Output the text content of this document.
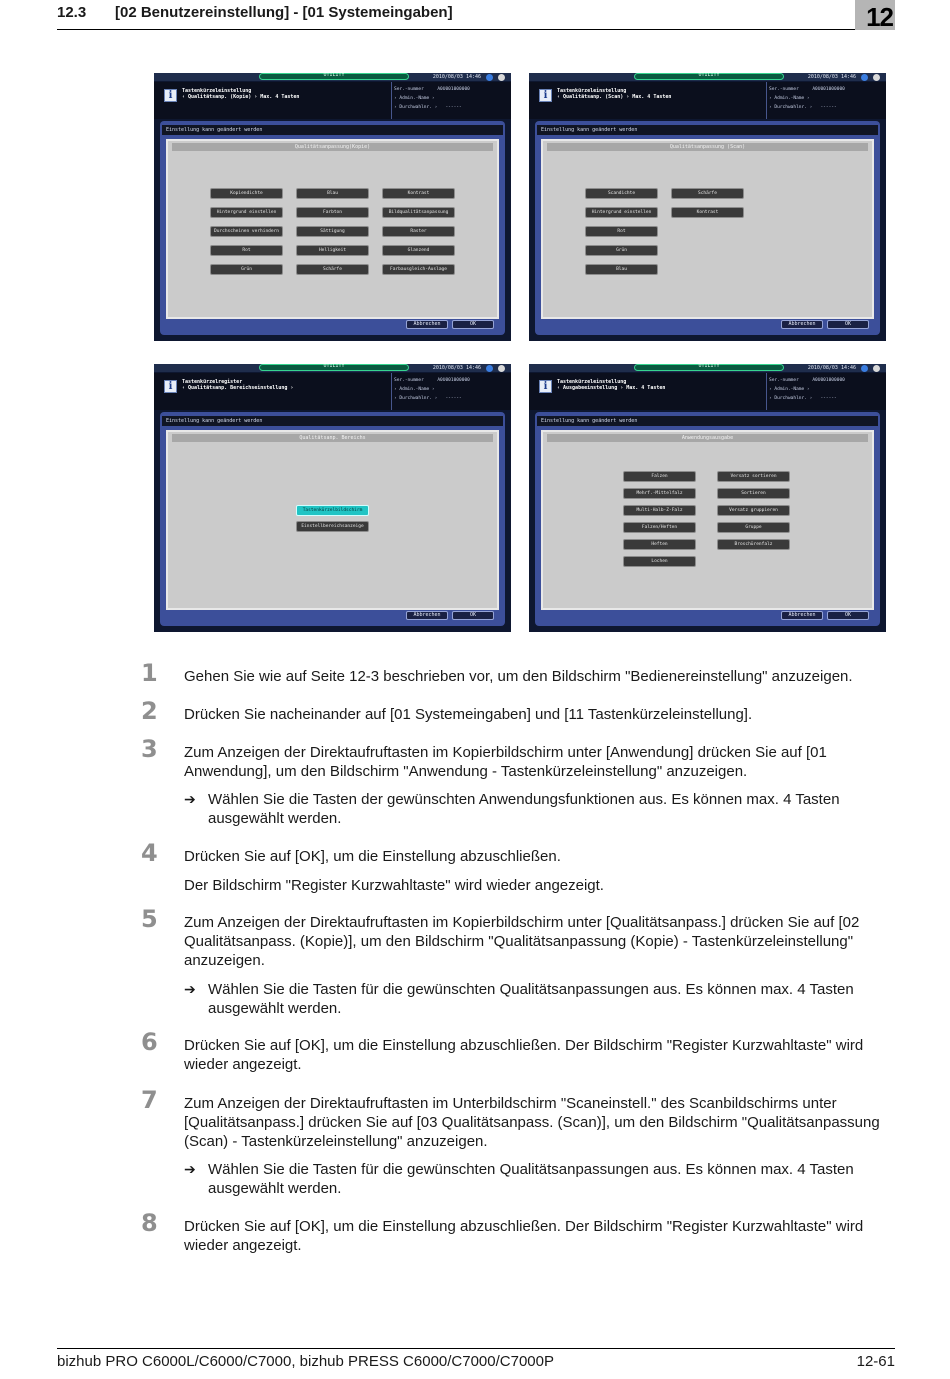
12.3 [02 Benutzereinstellung] - [01 Systemeingaben]	12
UTILITY	2010/08/03 14:46
i	Tastenkürzeleinstellung
‹ Qualitätsanp. (Kopie) › Max. 4 Tasten
Ser.-nummer     A0U001000000
› Admin.-Name ›
› Durchwahlnr. ›   ------
Einstellung kann geändert werden
Qualitätsanpassung(Kopie)
Kopiendichte	Blau	Kontrast
Hintergrund einstellen	Farbton	Bildqualitätsanpassung
Durchscheinen verhindern	Sättigung	Raster
Rot	Helligkeit	Glanzend
Grün	Schärfe	Farbausgleich-Auslage
Abbrechen	OK
UTILITY	2010/08/03 14:46
i	Tastenkürzeleinstellung
‹ Qualitätsanp. (Scan) › Max. 4 Tasten
Ser.-nummer     A0U001000000
› Admin.-Name ›
› Durchwahlnr. ›   ------
Einstellung kann geändert werden
Qualitätsanpassung (Scan)
Scandichte	Schärfe
Hintergrund einstellen	Kontrast
Rot
Grün
Blau
Abbrechen	OK
UTILITY	2010/08/03 14:46
i	Tastenkürzelregister
‹ Qualitätsanp. Bereichseinstellung ›
Ser.-nummer     A0U001000000
› Admin.-Name ›
› Durchwahlnr. ›   ------
Einstellung kann geändert werden
Qualitätsanp. Bereichs
Tastenkürzelbildschirm
Einstellbereichsanzeige
Abbrechen	OK
UTILITY	2010/08/03 14:46
i	Tastenkürzeleinstellung
‹ Ausgabeeinstellung › Max. 4 Tasten
Ser.-nummer     A0U001000000
› Admin.-Name ›
› Durchwahlnr. ›   ------
Einstellung kann geändert werden
Anwendungsausgabe
Falzen	Versatz sortieren
Mehrf.-Mittelfalz	Sortieren
Multi-Halb-Z-Falz	Versatz gruppieren
Falzen/Heften	Gruppe
Heften	Broschürenfalz
Lochen
Abbrechen	OK
1 Gehen Sie wie auf Seite 12-3 beschrieben vor, um den Bildschirm "Bedienereinstellung" anzuzeigen.
2 Drücken Sie nacheinander auf [01 Systemeingaben] und [11 Tastenkürzeleinstellung].
3 Zum Anzeigen der Direktaufruftasten im Kopierbildschirm unter [Anwendung] drücken Sie auf [01 Anwendung], um den Bildschirm "Anwendung - Tastenkürzeleinstellung" anzuzeigen.
➔ Wählen Sie die Tasten der gewünschten Anwendungsfunktionen aus. Es können max. 4 Tasten ausgewählt werden.
4 Drücken Sie auf [OK], um die Einstellung abzuschließen.
Der Bildschirm "Register Kurzwahltaste" wird wieder angezeigt.
5 Zum Anzeigen der Direktaufruftasten im Kopierbildschirm unter [Qualitätsanpass.] drücken Sie auf [02 Qualitätsanpass. (Kopie)], um den Bildschirm "Qualitätsanpassung (Kopie) - Tastenkürzeleinstellung" anzuzeigen.
➔ Wählen Sie die Tasten für die gewünschten Qualitätsanpassungen aus. Es können max. 4 Tasten ausgewählt werden.
6 Drücken Sie auf [OK], um die Einstellung abzuschließen. Der Bildschirm "Register Kurzwahltaste" wird wieder angezeigt.
7 Zum Anzeigen der Direktaufruftasten im Unterbildschirm "Scaneinstell." des Scanbildschirms unter [Qualitätsanpass.] drücken Sie auf [03 Qualitätsanpass. (Scan)], um den Bildschirm "Qualitätsanpassung (Scan) - Tastenkürzeleinstellung" anzuzeigen.
➔ Wählen Sie die Tasten für die gewünschten Qualitätsanpassungen aus. Es können max. 4 Tasten ausgewählt werden.
8 Drücken Sie auf [OK], um die Einstellung abzuschließen. Der Bildschirm "Register Kurzwahltaste" wird wieder angezeigt.
bizhub PRO C6000L/C6000/C7000, bizhub PRESS C6000/C7000/C7000P	12-61
